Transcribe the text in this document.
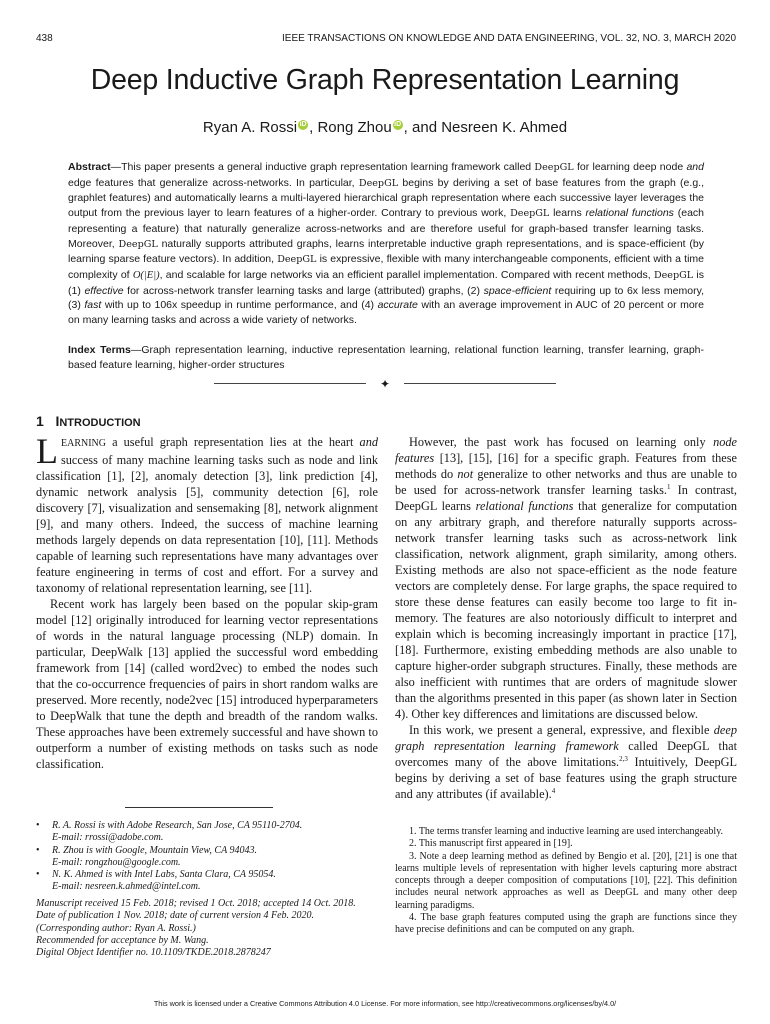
438	IEEE TRANSACTIONS ON KNOWLEDGE AND DATA ENGINEERING, VOL. 32, NO. 3, MARCH 2020
Deep Inductive Graph Representation Learning
Ryan A. Rossi iD , Rong Zhou iD , and Nesreen K. Ahmed
Abstract—This paper presents a general inductive graph representation learning framework called DeepGL for learning deep node and edge features that generalize across-networks. In particular, DeepGL begins by deriving a set of base features from the graph (e.g., graphlet features) and automatically learns a multi-layered hierarchical graph representation where each successive layer leverages the output from the previous layer to learn features of a higher-order. Contrary to previous work, DeepGL learns relational functions (each representing a feature) that naturally generalize across-networks and are therefore useful for graph-based transfer learning tasks. Moreover, DeepGL naturally supports attributed graphs, learns interpretable inductive graph representations, and is space-efficient (by learning sparse feature vectors). In addition, DeepGL is expressive, flexible with many interchangeable components, efficient with a time complexity of O(|E|), and scalable for large networks via an efficient parallel implementation. Compared with recent methods, DeepGL is (1) effective for across-network transfer learning tasks and large (attributed) graphs, (2) space-efficient requiring up to 6x less memory, (3) fast with up to 106x speedup in runtime performance, and (4) accurate with an average improvement in AUC of 20 percent or more on many learning tasks and across a wide variety of networks.
Index Terms—Graph representation learning, inductive representation learning, relational function learning, transfer learning, graph-based feature learning, higher-order structures
✦
1 INTRODUCTION

LEARNING a useful graph representation lies at the heart and success of many machine learning tasks such as node and link classification [1], [2], anomaly detection [3], link prediction [4], dynamic network analysis [5], community detection [6], role discovery [7], visualization and sensemaking [8], network alignment [9], and many others. Indeed, the success of machine learning methods largely depends on data representation [10], [11]. Methods capable of learning such representations have many advantages over feature engineering in terms of cost and effort. For a survey and taxonomy of relational representation learning, see [11].

Recent work has largely been based on the popular skip-gram model [12] originally introduced for learning vector representations of words in the natural language processing (NLP) domain. In particular, DeepWalk [13] applied the successful word embedding framework from [14] (called word2vec) to embed the nodes such that the co-occurrence frequencies of pairs in short random walks are preserved. More recently, node2vec [15] introduced hyperparameters to DeepWalk that tune the depth and breadth of the random walks. These approaches have been extremely successful and have shown to outperform a number of existing methods on tasks such as node classification.

However, the past work has focused on learning only node features [13], [15], [16] for a specific graph. Features from these methods do not generalize to other networks and thus are unable to be used for across-network transfer learning tasks.$^1$ In contrast, DeepGL learns relational functions that generalize for computation on any arbitrary graph, and therefore naturally supports across-network transfer learning tasks such as across-network link classification, network alignment, graph similarity, among others. Existing methods are also not space-efficient as the node feature vectors are completely dense. For large graphs, the space required to store these dense features can easily become too large to fit in-memory. The features are also notoriously difficult to interpret and explain which is becoming increasingly important in practice [17], [18]. Furthermore, existing embedding methods are also unable to capture higher-order subgraph structures. Finally, these methods are also inefficient with runtimes that are orders of magnitude slower than the algorithms presented in this paper (as shown later in Section 4). Other key differences and limitations are discussed below.

In this work, we present a general, expressive, and flexible deep graph representation learning framework called DeepGL that overcomes many of the above limitations.$^{2,3}$ Intuitively, DeepGL begins by deriving a set of base features using the graph structure and any attributes (if available).$^4$

• R. A. Rossi is with Adobe Research, San Jose, CA 95110-2704.
E-mail: rrossi@adobe.com.
• R. Zhou is with Google, Mountain View, CA 94043.
E-mail: rongzhou@google.com.
• N. K. Ahmed is with Intel Labs, Santa Clara, CA 95054.
E-mail: nesreen.k.ahmed@intel.com.
Manuscript received 15 Feb. 2018; revised 1 Oct. 2018; accepted 14 Oct. 2018.
Date of publication 1 Nov. 2018; date of current version 4 Feb. 2020.
(Corresponding author: Ryan A. Rossi.)
Recommended for acceptance by M. Wang.
Digital Object Identifier no. 10.1109/TKDE.2018.2878247

1. The terms transfer learning and inductive learning are used interchangeably.

2. This manuscript first appeared in [19].

3. Note a deep learning method as defined by Bengio et al. [20], [21] is one that learns multiple levels of representation with higher levels capturing more abstract concepts through a deeper composition of computations [10], [22]. This definition includes neural network approaches as well as DeepGL and many other deep learning paradigms.

4. The base graph features computed using the graph are functions since they have precise definitions and can be computed on any graph.

This work is licensed under a Creative Commons Attribution 4.0 License. For more information, see http://creativecommons.org/licenses/by/4.0/
